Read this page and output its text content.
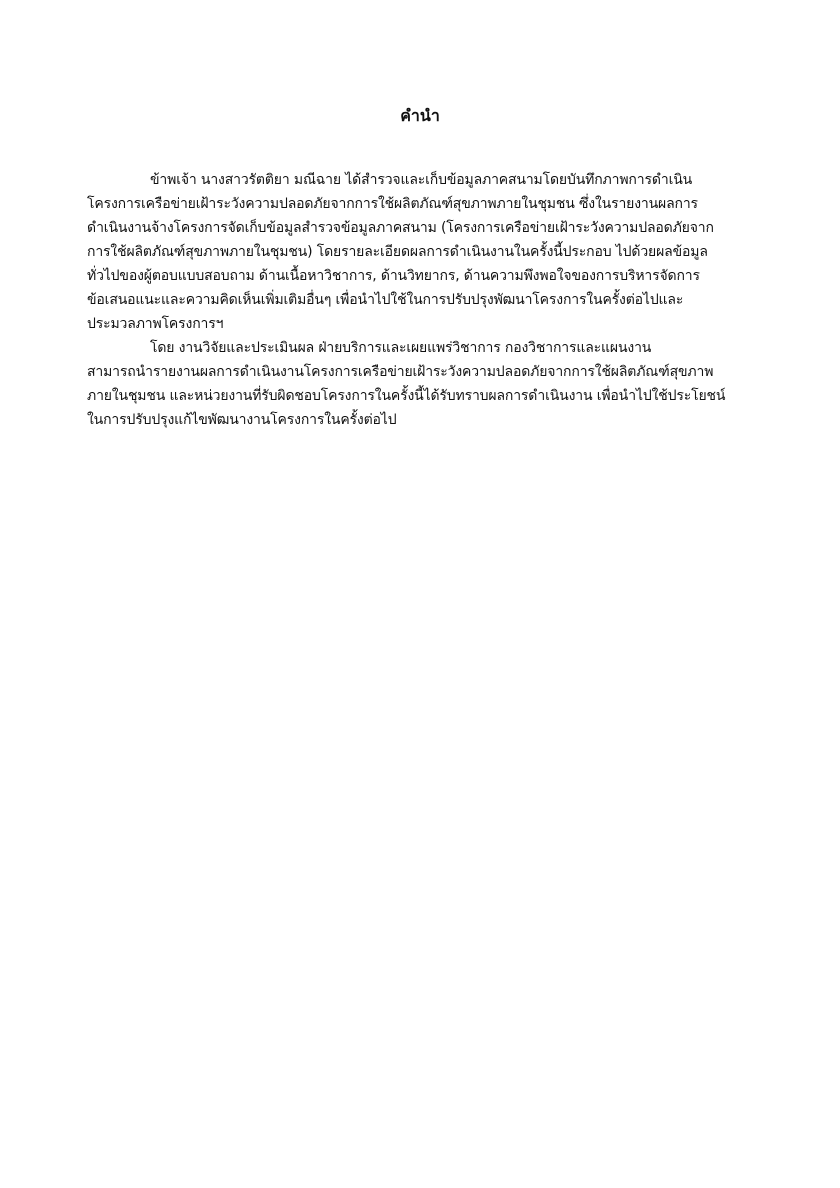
คำนำ
ข้าพเจ้า นางสาวรัตติยา มณีฉาย ได้สำรวจและเก็บข้อมูลภาคสนามโดยบันทึกภาพการดำเนิน
โครงการเครือข่ายเฝ้าระวังความปลอดภัยจากการใช้ผลิตภัณฑ์สุขภาพภายในชุมชน ซึ่งในรายงานผลการ
ดำเนินงานจ้างโครงการจัดเก็บข้อมูลสำรวจข้อมูลภาคสนาม (โครงการเครือข่ายเฝ้าระวังความปลอดภัยจาก
การใช้ผลิตภัณฑ์สุขภาพภายในชุมชน) โดยรายละเอียดผลการดำเนินงานในครั้งนี้ประกอบ ไปด้วยผลข้อมูล
ทั่วไปของผู้ตอบแบบสอบถาม ด้านเนื้อหาวิชาการ, ด้านวิทยากร, ด้านความพึงพอใจของการบริหารจัดการ
ข้อเสนอแนะและความคิดเห็นเพิ่มเติมอื่นๆ เพื่อนำไปใช้ในการปรับปรุงพัฒนาโครงการในครั้งต่อไปและ
ประมวลภาพโครงการฯ
โดย งานวิจัยและประเมินผล ฝ่ายบริการและเผยแพร่วิชาการ กองวิชาการและแผนงาน
สามารถนำรายงานผลการดำเนินงานโครงการเครือข่ายเฝ้าระวังความปลอดภัยจากการใช้ผลิตภัณฑ์สุขภาพ
ภายในชุมชน และหน่วยงานที่รับผิดชอบโครงการในครั้งนี้ได้รับทราบผลการดำเนินงาน เพื่อนำไปใช้ประโยชน์
ในการปรับปรุงแก้ไขพัฒนางานโครงการในครั้งต่อไป
